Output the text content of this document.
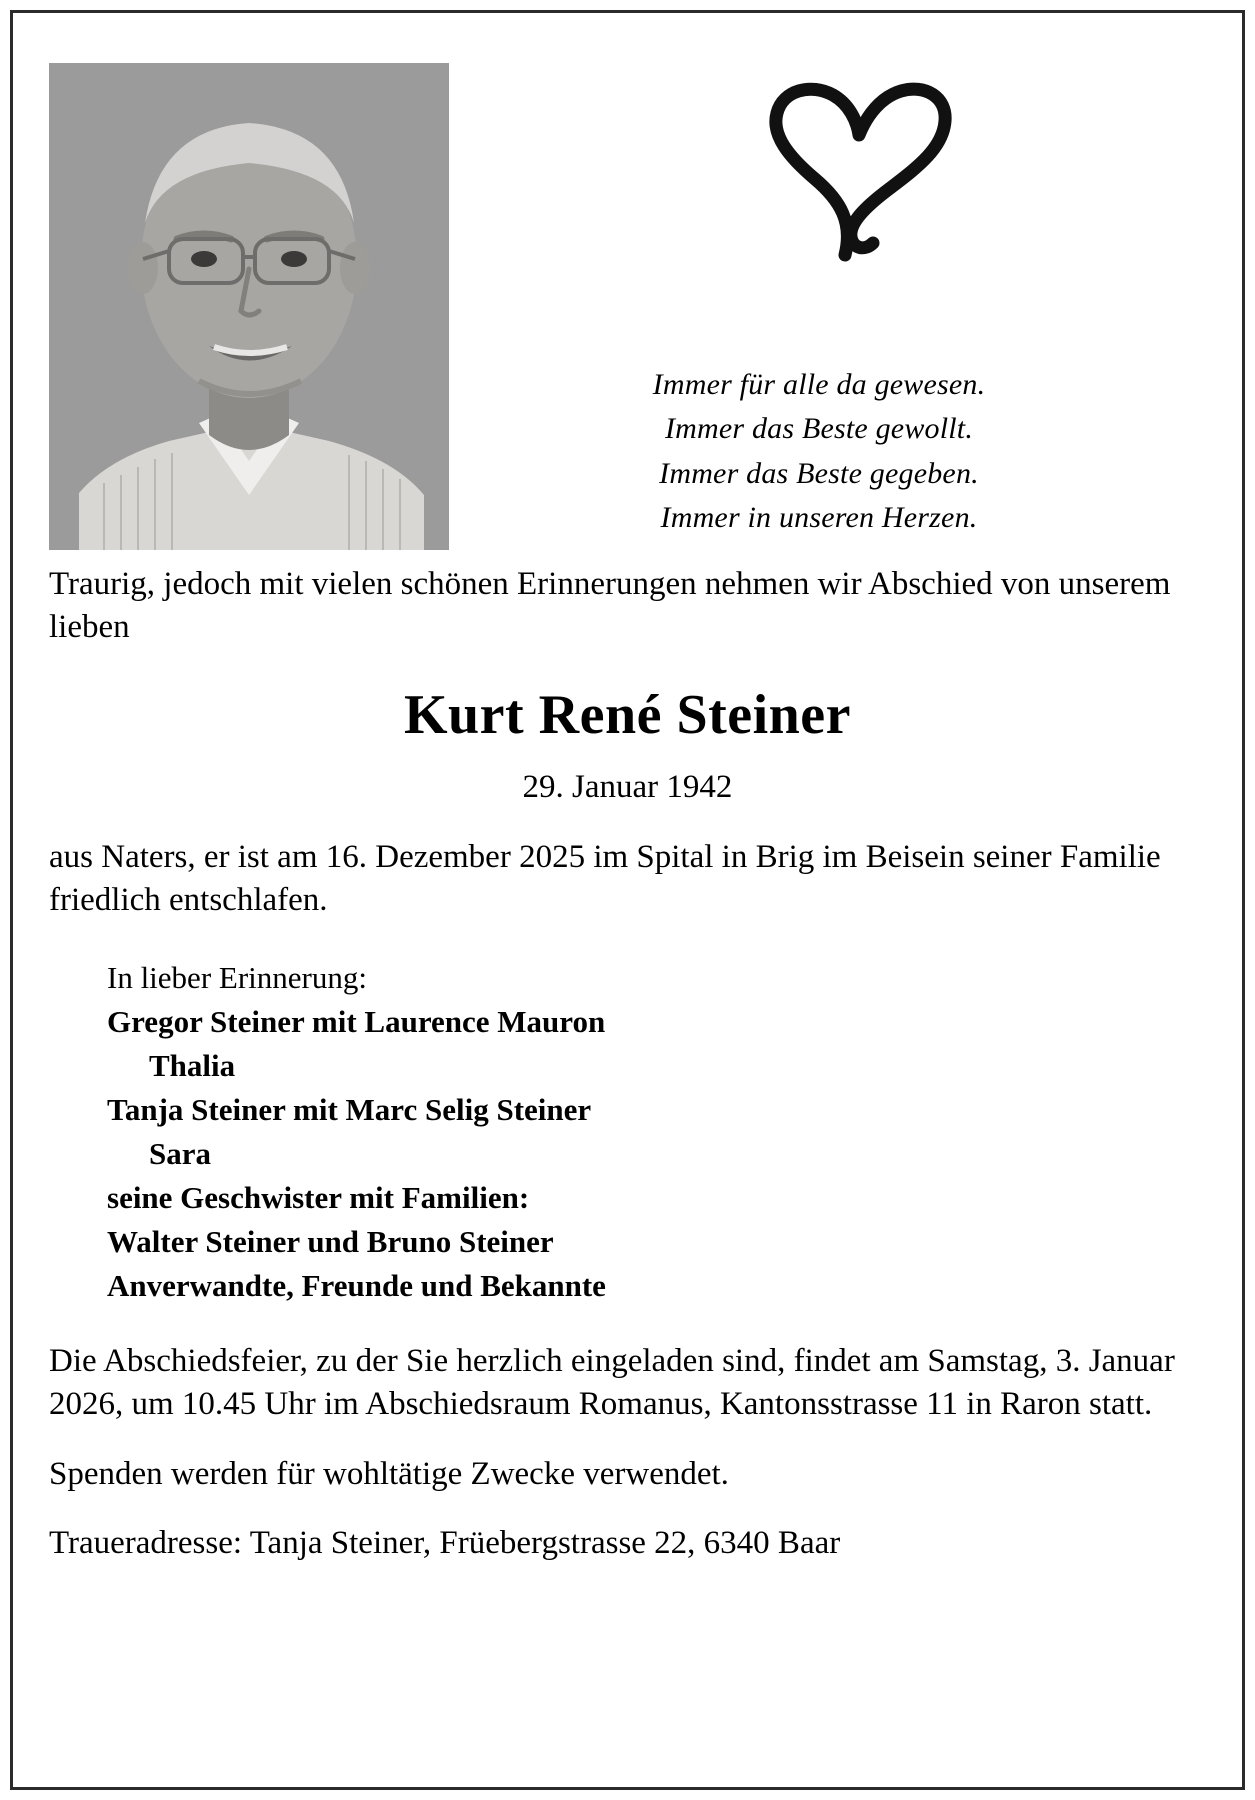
Immer für alle da gewesen.
Immer das Beste gewollt.
Immer das Beste gegeben.
Immer in unseren Herzen.
Traurig, jedoch mit vielen schönen Erinnerungen nehmen wir Abschied von unserem lieben
Kurt René Steiner
29. Januar 1942
aus Naters, er ist am 16. Dezember 2025 im Spital in Brig im Beisein seiner Familie friedlich entschlafen.
In lieber Erinnerung:
Gregor Steiner mit Laurence Mauron
Thalia
Tanja Steiner mit Marc Selig Steiner
Sara
seine Geschwister mit Familien:
Walter Steiner und Bruno Steiner
Anverwandte, Freunde und Bekannte
Die Abschiedsfeier, zu der Sie herzlich eingeladen sind, findet am Samstag, 3. Januar 2026, um 10.45 Uhr im Abschiedsraum Romanus, Kantonsstrasse 11 in Raron statt.
Spenden werden für wohltätige Zwecke verwendet.
Traueradresse: Tanja Steiner, Früebergstrasse 22, 6340 Baar
